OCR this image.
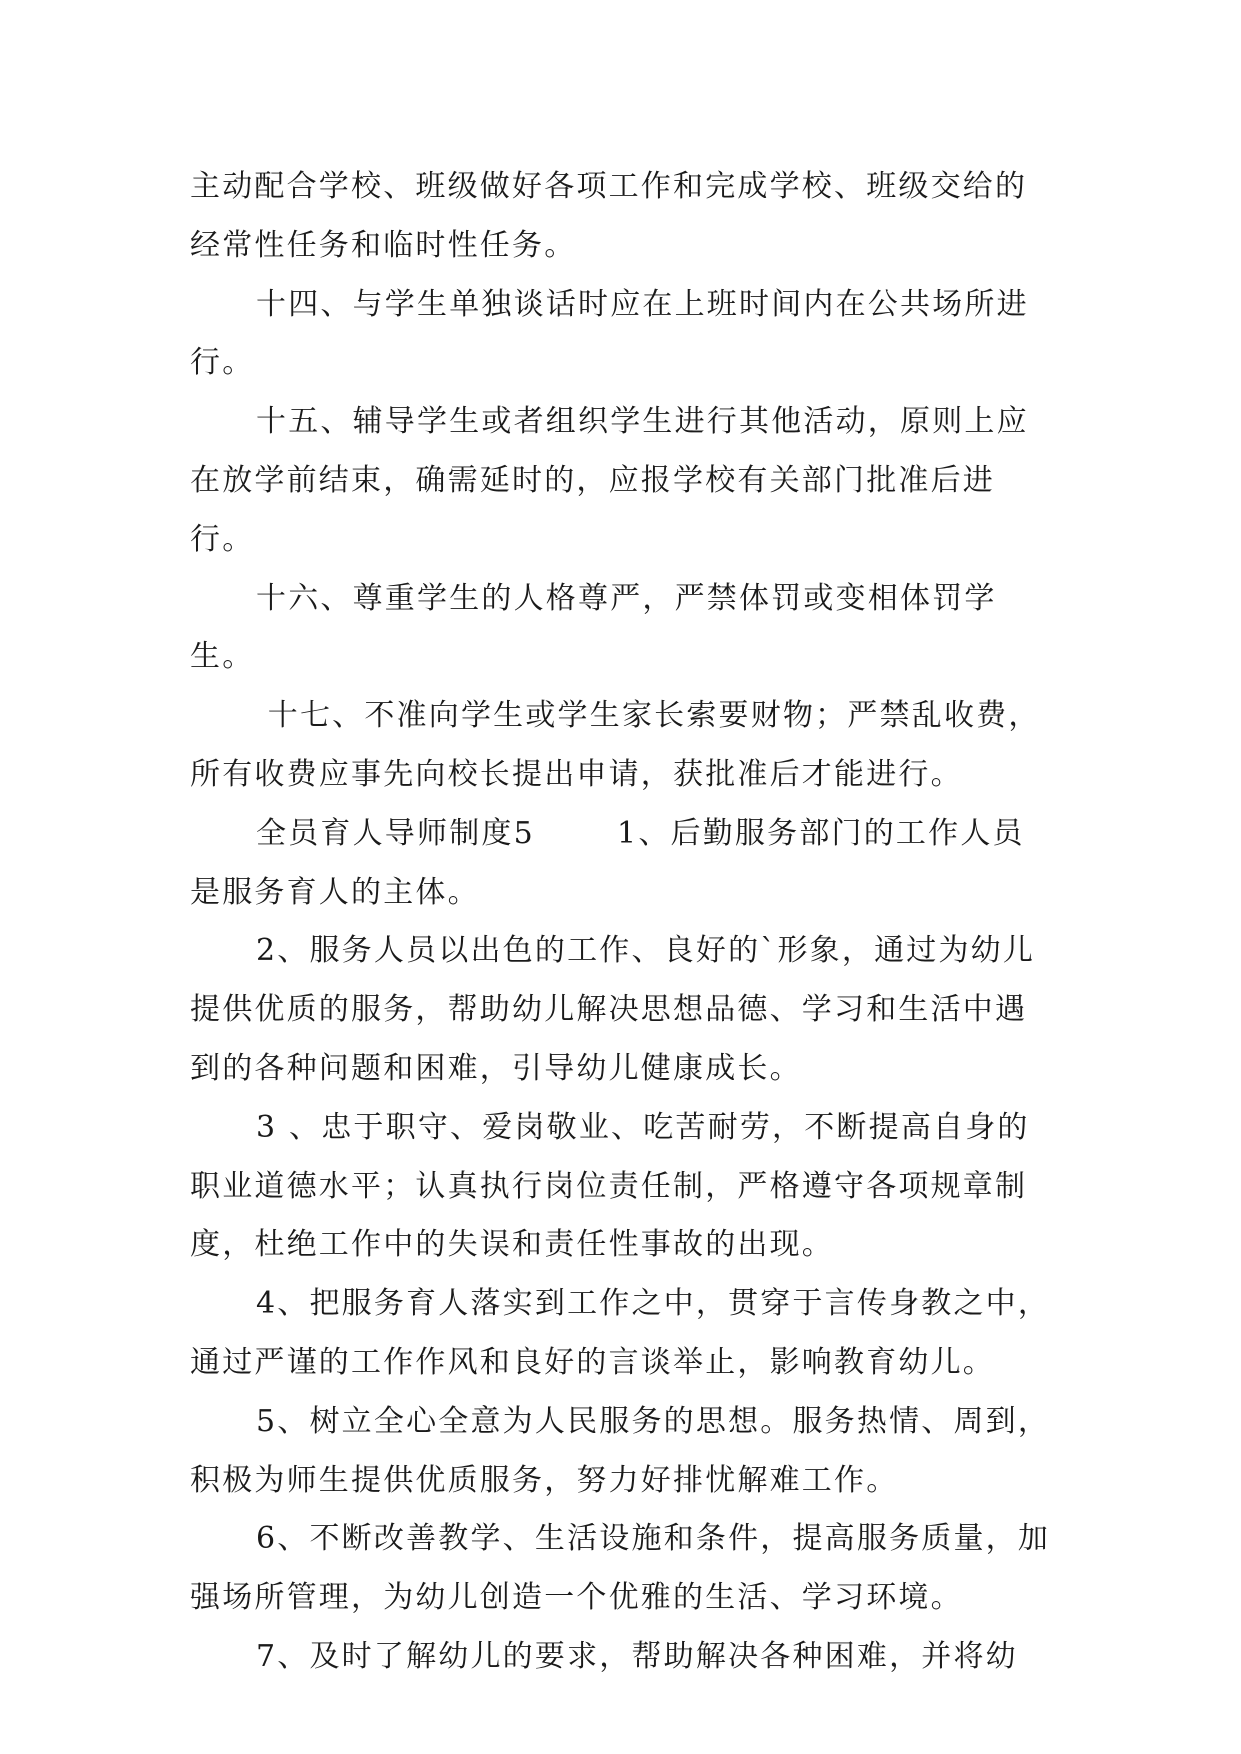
主动配合学校、班级做好各项工作和完成学校、班级交给的经常性任务和临时性任务。

十四、与学生单独谈话时应在上班时间内在公共场所进行。

十五、辅导学生或者组织学生进行其他活动，原则上应在放学前结束，确需延时的，应报学校有关部门批准后进行。

十六、尊重学生的人格尊严，严禁体罚或变相体罚学生。

十七、不准向学生或学生家长索要财物；严禁乱收费，所有收费应事先向校长提出申请，获批准后才能进行。

全员育人导师制度5       1、后勤服务部门的工作人员是服务育人的主体。

2、服务人员以出色的工作、良好的`形象，通过为幼儿提供优质的服务，帮助幼儿解决思想品德、学习和生活中遇到的各种问题和困难，引导幼儿健康成长。

3 、忠于职守、爱岗敬业、吃苦耐劳，不断提高自身的职业道德水平；认真执行岗位责任制，严格遵守各项规章制度，杜绝工作中的失误和责任性事故的出现。

4、把服务育人落实到工作之中，贯穿于言传身教之中，通过严谨的工作作风和良好的言谈举止，影响教育幼儿。

5、树立全心全意为人民服务的思想。服务热情、周到，积极为师生提供优质服务，努力好排忧解难工作。

6、不断改善教学、生活设施和条件，提高服务质量，加强场所管理，为幼儿创造一个优雅的生活、学习环境。

7、及时了解幼儿的要求，帮助解决各种困难，并将幼
